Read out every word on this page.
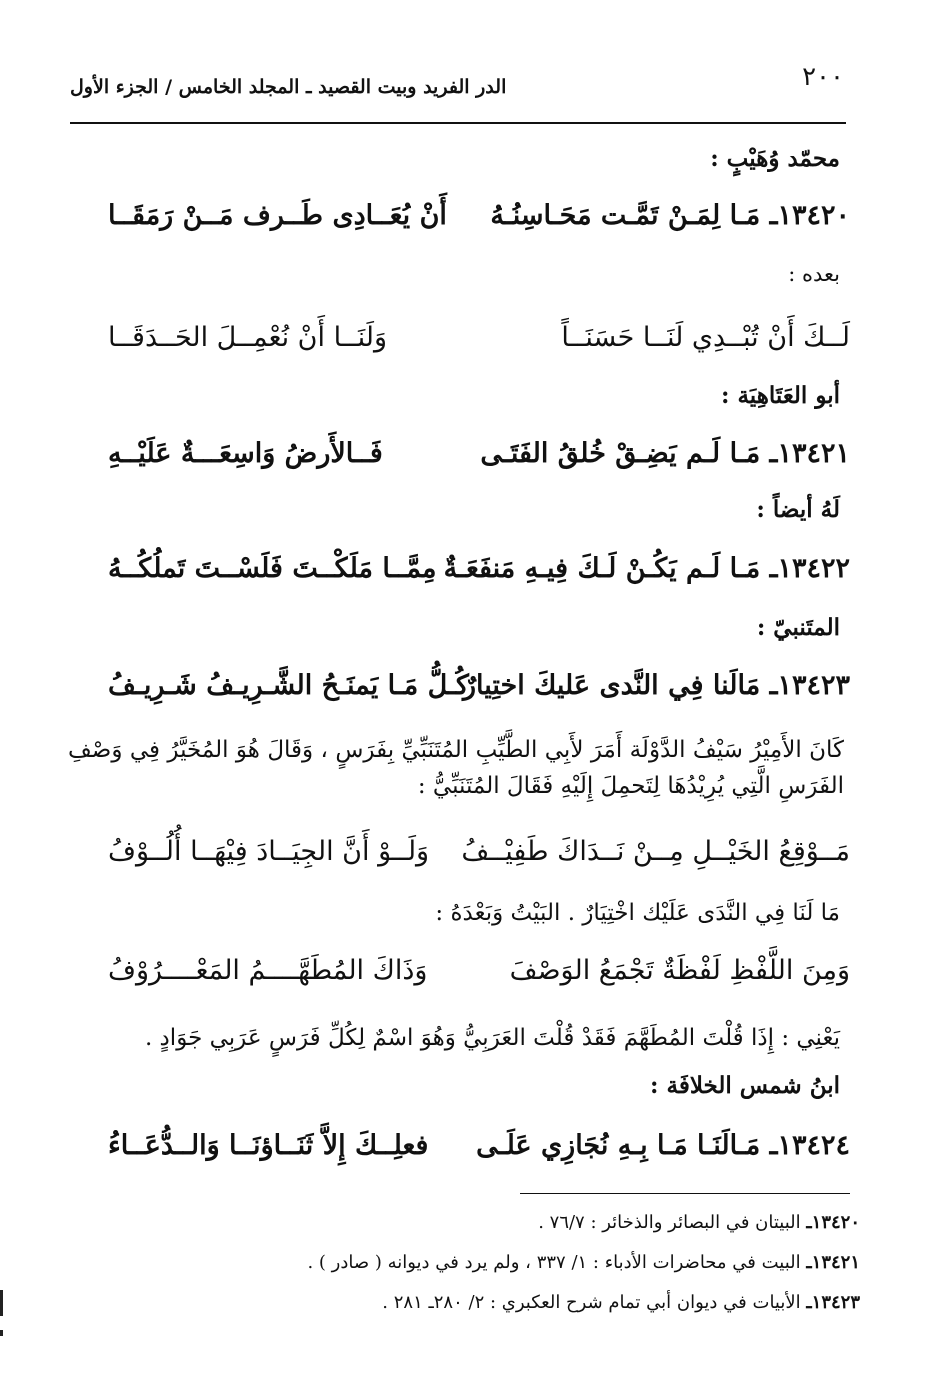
٢٠٠
الدر الفريد وبيت القصيد ـ المجلد الخامس / الجزء الأول
محمّد وُهَيْبٍ :
١٣٤٢٠ـ مَـا لِمَـنْ تَمَّـت مَحَـاسِنُـهُ
أَنْ يُعَــادِى طَــرف مَــنْ رَمَقَــا
بعده :
لَــكَ أَنْ تُبْــدِي لَنَــا حَسَنَــاً
وَلَنَــا أَنْ نُعْمِــلَ الحَــدَقَــا
أبو العَتَاهِيَة :
١٣٤٢١ـ مَـا لَـم يَضِـقْ خُلقُ الفَتَـى
فَــالأَرضُ وَاسِعَـــةٌ عَلَيْــهِ
لَهُ أيضاً :
١٣٤٢٢ـ مَـا لَـم يَكُـنْ لَـكَ فِيـهِ مَنفَعَـةٌ
مِمَّــا مَلَكْــتَ فَلَسْــتَ تَملُكُــهُ
المتَنبيّ :
١٣٤٢٣ـ مَالَنا فِي النَّدى عَليكَ اختِيارٌ
كُـلُّ مَـا يَمنَـحُ الشَّـرِيـفُ شَـرِيـفُ

كَانَ الأَمِيْرُ سَيْفُ الدَّوْلَة أَمَرَ لأَبِي الطَّيِّبِ المُتَنَبِّيِّ بِفَرَسٍ ، وَقَالَ هُوَ المُخَيَّرُ فِي وَصْفِ الفَرَسِ الَّتِي يُرِيْدُهَا لِتَحمِلَ إِلَيْهِ فَقَالَ المُتَنَبِّيُّ :

مَــوْقِعُ الخَيْــلِ مِــنْ نَــدَاكَ طَفِيْــفُ
وَلَــوْ أَنَّ الجِيَــادَ فِيْهَــا أُلُــوْفُ
مَا لَنَا فِي النَّدَى عَلَيْك اخْتِيَارٌ . البَيْتُ وَبَعْدَهُ :
وَمِنَ اللَّفْظِ لَفْظَةٌ تَجْمَعُ الوَصْفَ
وَذَاكَ المُطَهَّــــمُ المَعْــــرُوْفُ
يَعْنِي : إِذَا قُلْتَ المُطَهَّمَ فَقَدْ قُلْتَ العَرَبِيُّ وَهُوَ اسْمٌ لِكُلِّ فَرَسٍ عَرَبِي جَوَادٍ .
ابنُ شمس الخلافَة :
١٣٤٢٤ـ مَـالَنَـا مَـا بِـهِ نُجَازِي عَلَـى
فعلِــكَ إِلاَّ ثَنَــاؤنَــا وَالــدُّعَــاءُ
١٣٤٢٠ـ البيتان في البصائر والذخائر : ٧٦/٧ .
١٣٤٢١ـ البيت في محاضرات الأدباء : ١/ ٣٣٧ ، ولم يرد في ديوانه ( صادر ) .
١٣٤٢٣ـ الأبيات في ديوان أبي تمام شرح العكبري : ٢/ ٢٨٠ـ ٢٨١ .
